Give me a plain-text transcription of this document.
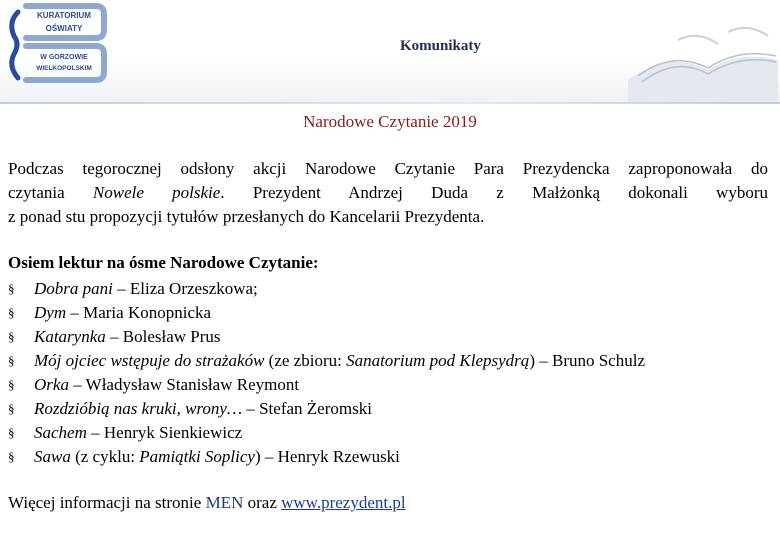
KURATORIUM
OŚWIATY
W GORZOWIE
WIELKOPOLSKIM
Komunikaty
Narodowe Czytanie 2019
Podczas tegorocznej odsłony akcji Narodowe Czytanie Para Prezydencka zaproponowała do
czytania Nowele polskie. Prezydent Andrzej Duda z Małżonką dokonali wyboru
z ponad stu propozycji tytułów przesłanych do Kancelarii Prezydenta.
Osiem lektur na ósme Narodowe Czytanie:
§ Dobra pani – Eliza Orzeszkowa;
§ Dym – Maria Konopnicka
§ Katarynka – Bolesław Prus
§ Mój ojciec wstępuje do strażaków (ze zbioru: Sanatorium pod Klepsydrą) – Bruno Schulz
§ Orka – Władysław Stanisław Reymont
§ Rozdzióbią nas kruki, wrony… – Stefan Żeromski
§ Sachem – Henryk Sienkiewicz
§ Sawa (z cyklu: Pamiątki Soplicy) – Henryk Rzewuski
Więcej informacji na stronie MEN oraz www.prezydent.pl
